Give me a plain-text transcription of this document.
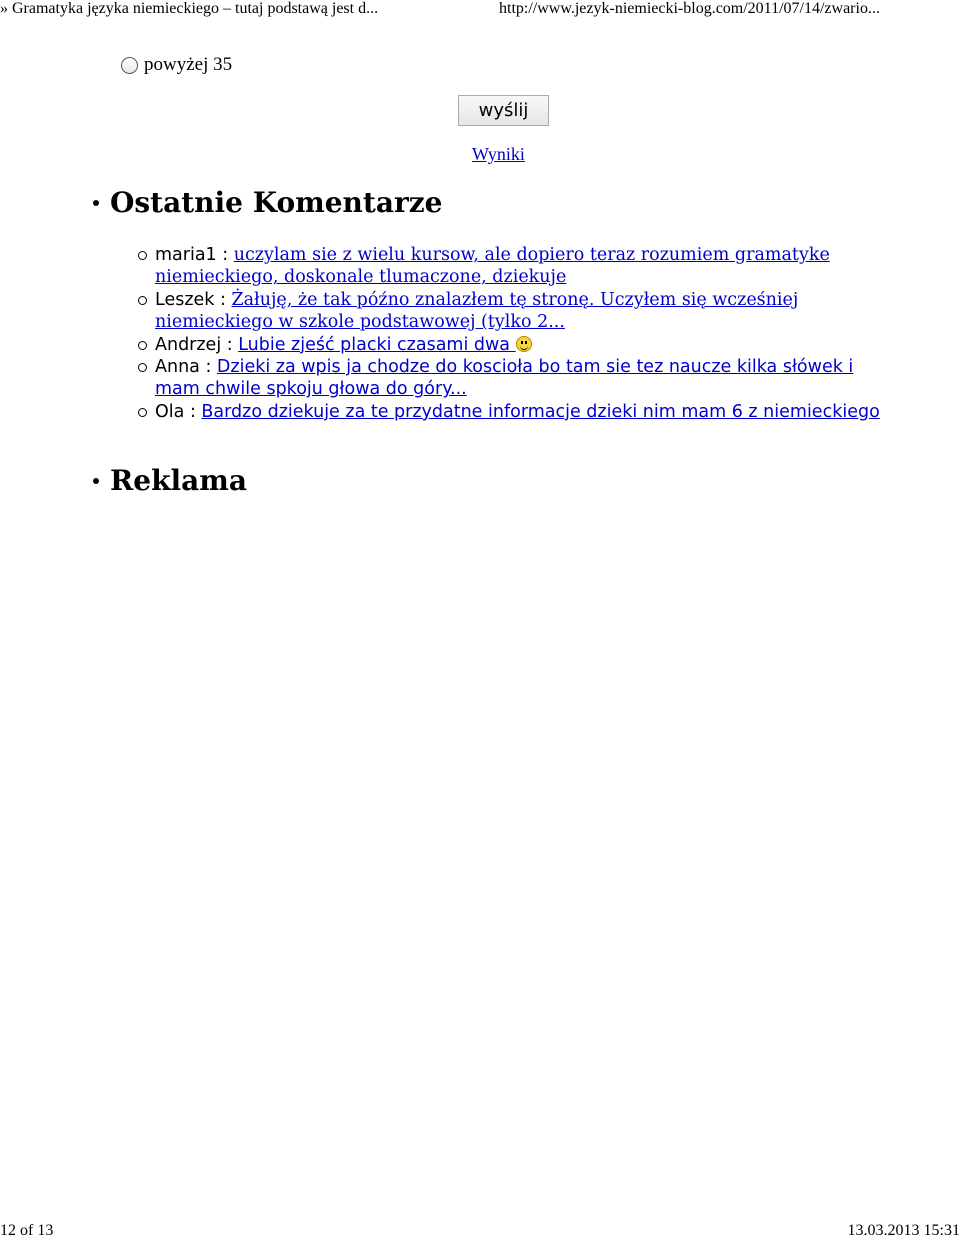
» Gramatyka języka niemieckiego – tutaj podstawą jest d...	http://www.jezyk-niemiecki-blog.com/2011/07/14/zwario...
powyżej 35
wyślij
Wyniki
Ostatnie Komentarze
maria1 : uczylam sie z wielu kursow, ale dopiero teraz rozumiem gramatyke niemieckiego, doskonale tlumaczone, dziekuje
Leszek : Żałuję, że tak późno znalazłem tę stronę. Uczyłem się wcześniej niemieckiego w szkole podstawowej (tylko 2...
Andrzej : Lubie zjeść placki czasami dwa
Anna : Dzieki za wpis ja chodze do koscioła bo tam sie tez naucze kilka słówek i mam chwile spkoju głowa do góry...
Ola : Bardzo dziekuje za te przydatne informacje dzieki nim mam 6 z niemieckiego
Reklama
12 of 13	13.03.2013 15:31
